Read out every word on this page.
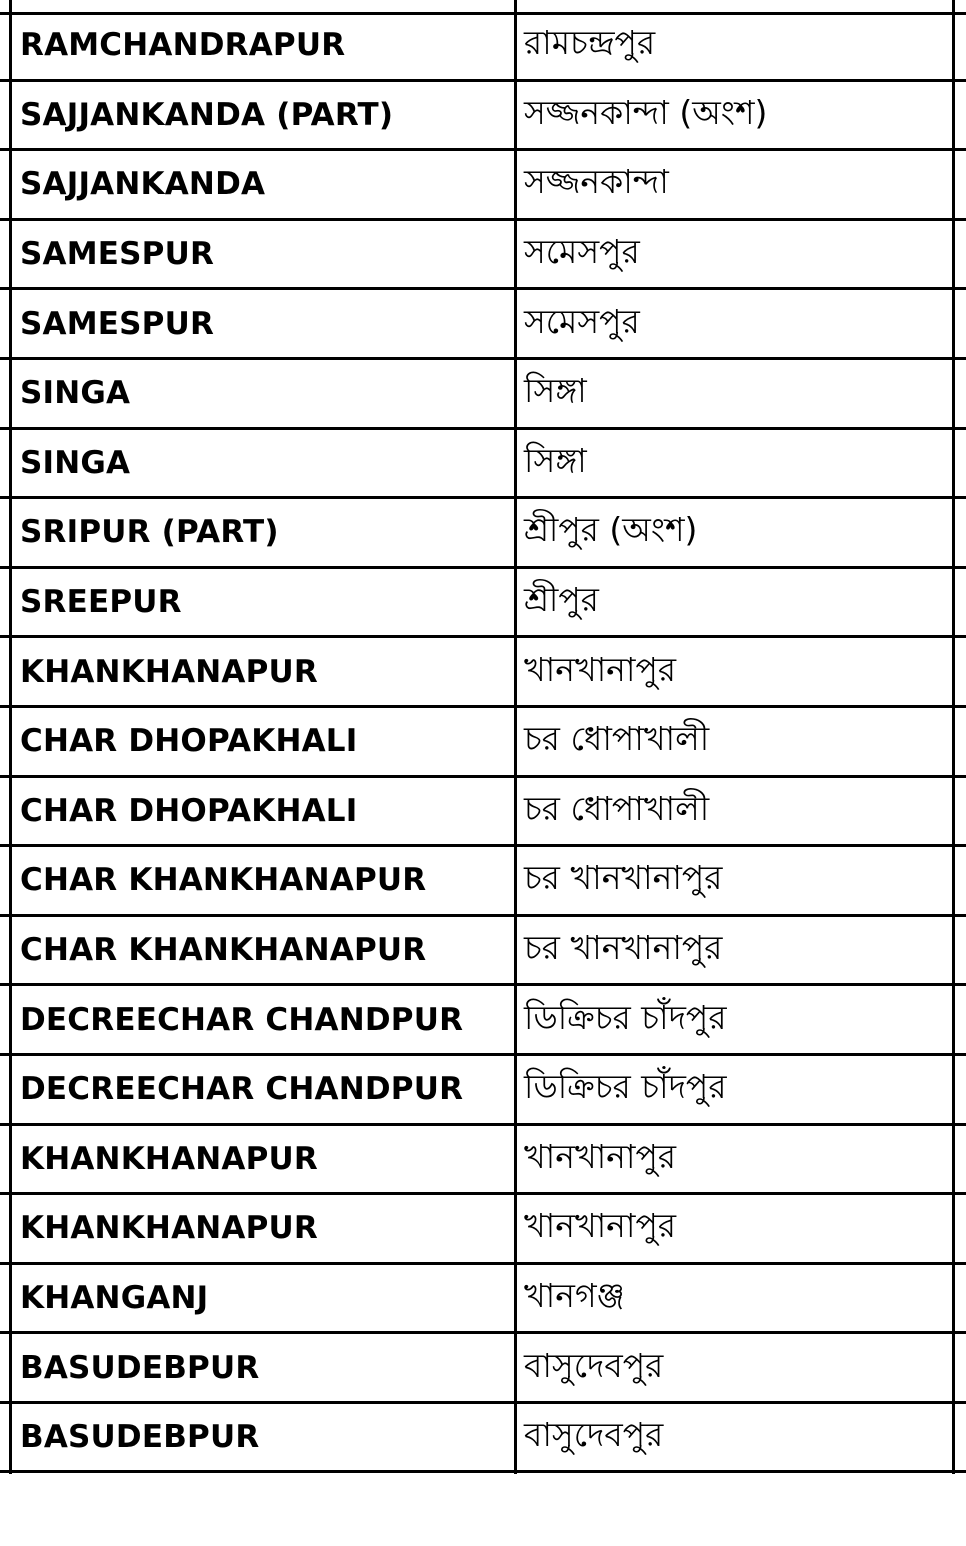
RAMCHANDRAPUR	রামচন্দ্রপুর
SAJJANKANDA (PART)	সজ্জনকান্দা (অংশ)
SAJJANKANDA	সজ্জনকান্দা
SAMESPUR	সমেসপুর
SAMESPUR	সমেসপুর
SINGA	সিঙ্গা
SINGA	সিঙ্গা
SRIPUR (PART)	শ্রীপুর (অংশ)
SREEPUR	শ্রীপুর
KHANKHANAPUR	খানখানাপুর
CHAR DHOPAKHALI	চর ধোপাখালী
CHAR DHOPAKHALI	চর ধোপাখালী
CHAR KHANKHANAPUR	চর খানখানাপুর
CHAR KHANKHANAPUR	চর খানখানাপুর
DECREECHAR CHANDPUR	ডিক্রিচর চাঁদপুর
DECREECHAR CHANDPUR	ডিক্রিচর চাঁদপুর
KHANKHANAPUR	খানখানাপুর
KHANKHANAPUR	খানখানাপুর
KHANGANJ	খানগঞ্জ
BASUDEBPUR	বাসুদেবপুর
BASUDEBPUR	বাসুদেবপুর
